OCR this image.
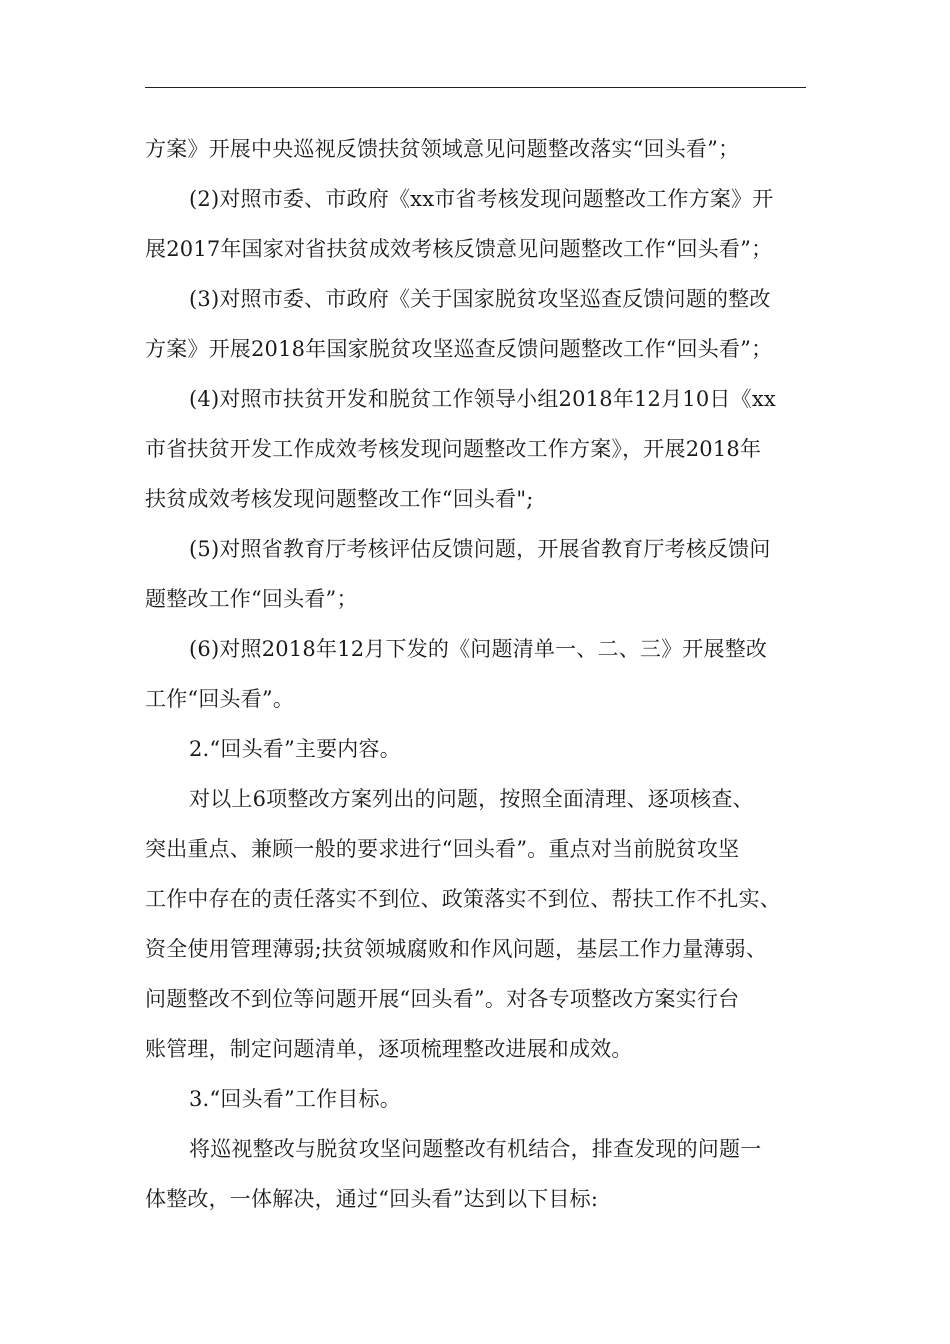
方案》开展中央巡视反馈扶贫领域意见问题整改落实“回头看”；
(2)对照市委、市政府《xx市省考核发现问题整改工作方案》开
展2017年国家对省扶贫成效考核反馈意见问题整改工作“回头看”；
(3)对照市委、市政府《关于国家脱贫攻坚巡查反馈问题的整改
方案》开展2018年国家脱贫攻坚巡查反馈问题整改工作“回头看”；
(4)对照市扶贫开发和脱贫工作领导小组2018年12月10日《xx
市省扶贫开发工作成效考核发现问题整改工作方案》，开展2018年
扶贫成效考核发现问题整改工作“回头看";
(5)对照省教育厅考核评估反馈问题，开展省教育厅考核反馈问
题整改工作“回头看”；
(6)对照2018年12月下发的《问题清单一、二、三》开展整改
工作“回头看”。
2.“回头看”主要内容。
对以上6项整改方案列出的问题，按照全面清理、逐项核查、
突出重点、兼顾一般的要求进行“回头看”。重点对当前脱贫攻坚
工作中存在的责任落实不到位、政策落实不到位、帮扶工作不扎实、
资全使用管理薄弱;扶贫领城腐败和作风问题，基层工作力量薄弱、
问题整改不到位等问题开展“回头看”。对各专项整改方案实行台
账管理，制定问题清单，逐项梳理整改进展和成效。
3.“回头看”工作目标。
将巡视整改与脱贫攻坚问题整改有机结合，排查发现的问题一
体整改，一体解决，通过“回头看”达到以下目标:
